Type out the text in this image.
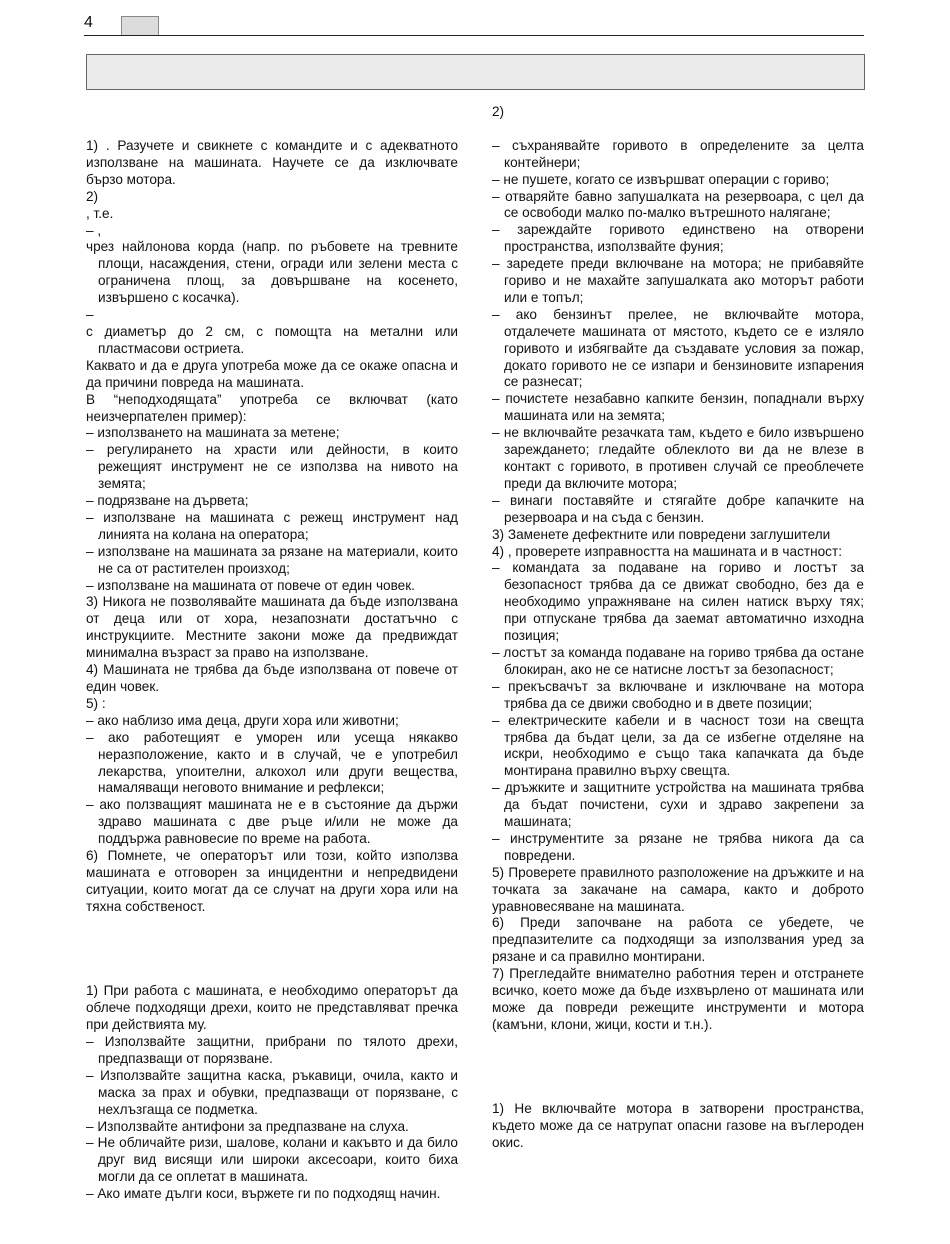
4

1) . Разучете и свикнете с командите и с адекватното използване на машината. Научете се да изключвате бързо мотора.

2)

, т.е.

– ,

чрез найлонова корда (напр. по ръбовете на тревните площи, насаждения, стени, огради или зелени места с ограничена площ, за довършване на косенето, извършено с косачка).

–

с диаметър до 2 см, с помощта на метални или пластмасови остриета.

Каквато и да е друга употреба може да се окаже опасна и да причини повреда на машината.

В “неподходящата” употреба се включват (като неизчерпателен пример):

– използването на машината за метене;

– регулирането на храсти или дейности, в които режещият инструмент не се използва на нивото на земята;

– подрязване на дървета;

– използване на машината с режещ инструмент над линията на колана на оператора;

– използване на машината за рязане на материали, които не са от растителен произход;

– използване на машината от повече от един човек.

3) Никога не позволявайте машината да бъде използвана от деца или от хора, незапознати достатъчно с инструкциите. Местните закони може да предвиждат минимална възраст за право на използване.

4) Машината не трябва да бъде използвана от повече от един човек.

5) :

– ако наблизо има деца, други хора или животни;

– ако работещият е уморен или усеща някакво неразположение, както и в случай, че е употребил лекарства, упоителни, алкохол или други вещества, намаляващи неговото внимание и рефлекси;

– ако ползващият машината не е в състояние да държи здраво машината с две ръце и/или не може да поддържа равновесие по време на работа.

6) Помнете, че операторът или този, който използва машината е отговорен за инцидентни и непредвидени ситуации, които могат да се случат на други хора или на тяхна собственост.

1) При работа с машината, е необходимо операторът да облече подходящи дрехи, които не представляват пречка при действията му.

– Използвайте защитни, прибрани по тялото дрехи, предпазващи от порязване.

– Използвайте защитна каска, ръкавици, очила, както и маска за прах и обувки, предпазващи от порязване, с нехлъзгаща се подметка.

– Използвайте антифони за предпазване на слуха.

– Не обличайте ризи, шалове, колани и какъвто и да било друг вид висящи или широки аксесоари, които биха могли да се оплетат в машината.

– Ако имате дълги коси, вържете ги по подходящ начин.

2)

– съхранявайте горивото в определените за целта контейнери;

– не пушете, когато се извършват операции с гориво;

– отваряйте бавно запушалката на резервоара, с цел да се освободи малко по-малко вътрешното налягане;

– зареждайте горивото единствено на отворени пространства, използвайте фуния;

– заредете преди включване на мотора; не прибавяйте гориво и не махайте запушалката ако моторът работи или е топъл;

– ако бензинът прелее, не включвайте мотора, отдалечете машината от мястото, където се е изляло горивото и избягвайте да създавате условия за пожар, докато горивото не се изпари и бензиновите изпарения се разнесат;

– почистете незабавно капките бензин, попаднали върху машината или на земята;

– не включвайте резачката там, където е било извършено зареждането; гледайте облеклото ви да не влезе в контакт с горивото, в противен случай се преоблечете преди да включите мотора;

– винаги поставяйте и стягайте добре капачките на резервоара и на съда с бензин.

3) Заменете дефектните или повредени заглушители

4) , проверете изправността на машината и в частност:

– командата за подаване на гориво и лостът за безопасност трябва да се движат свободно, без да е необходимо упражняване на силен натиск върху тях; при отпускане трябва да заемат автоматично изходна позиция;

– лостът за команда подаване на гориво трябва да остане блокиран, ако не се натисне лостът за безопасност;

– прекъсвачът за включване и изключване на мотора трябва да се движи свободно и в двете позиции;

– електрическите кабели и в часност този на свещта трябва да бъдат цели, за да се избегне отделяне на искри, необходимо е също така капачката да бъде монтирана правилно върху свещта.

– дръжките и защитните устройства на машината трябва да бъдат почистени, сухи и здраво закрепени за машината;

– инструментите за рязане не трябва никога да са повредени.

5) Проверете правилното разположение на дръжките и на точката за закачане на самара, както и доброто уравновесяване на машината.

6) Преди започване на работа се убедете, че предпазителите са подходящи за използвания уред за рязане и са правилно монтирани.

7) Прегледайте внимателно работния терен и отстранете всичко, което може да бъде изхвърлено от машината или може да повреди режещите инструменти и мотора (камъни, клони, жици, кости и т.н.).

1) Не включвайте мотора в затворени пространства, където може да се натрупат опасни газове на въглероден окис.
